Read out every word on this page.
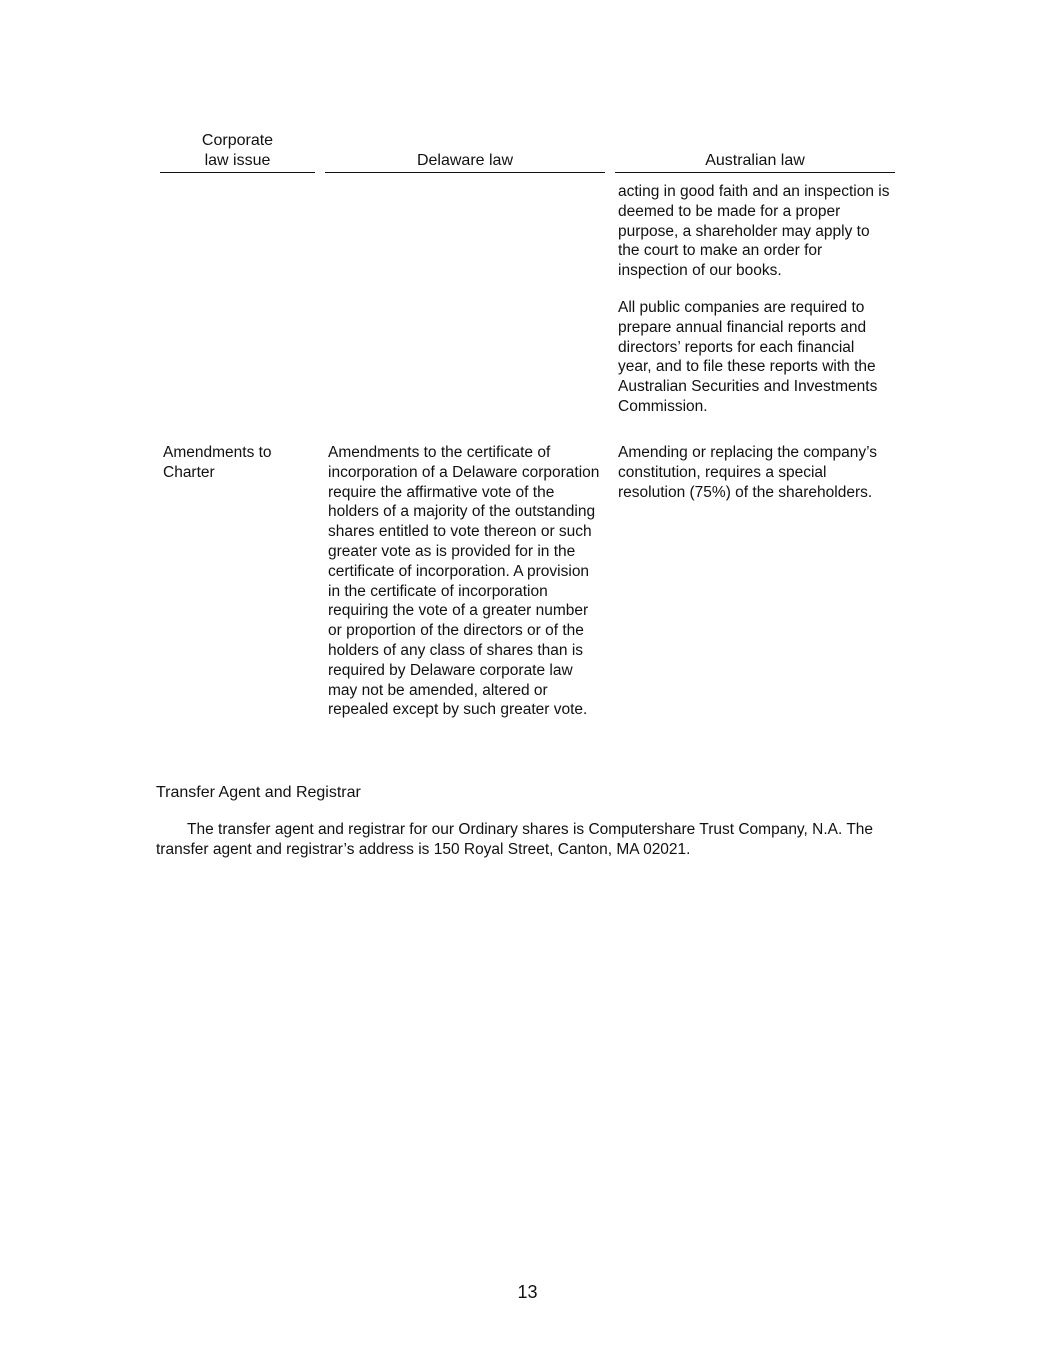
Corporate
law issue	Delaware law	Australian law

acting in good faith and an inspection is deemed to be made for a proper purpose, a shareholder may apply to the court to make an order for inspection of our books.

All public companies are required to prepare annual financial reports and directors’ reports for each financial year, and to file these reports with the Australian Securities and Investments Commission.

Amendments to Charter
Amendments to the certificate of incorporation of a Delaware corporation require the affirmative vote of the holders of a majority of the outstanding shares entitled to vote thereon or such greater vote as is provided for in the certificate of incorporation. A provision in the certificate of incorporation requiring the vote of a greater number or proportion of the directors or of the holders of any class of shares than is required by Delaware corporate law may not be amended, altered or repealed except by such greater vote.
Amending or replacing the company’s constitution, requires a special resolution (75%) of the shareholders.
Transfer Agent and Registrar

The transfer agent and registrar for our Ordinary shares is Computershare Trust Company, N.A. The transfer agent and registrar’s address is 150 Royal Street, Canton, MA 02021.

13
